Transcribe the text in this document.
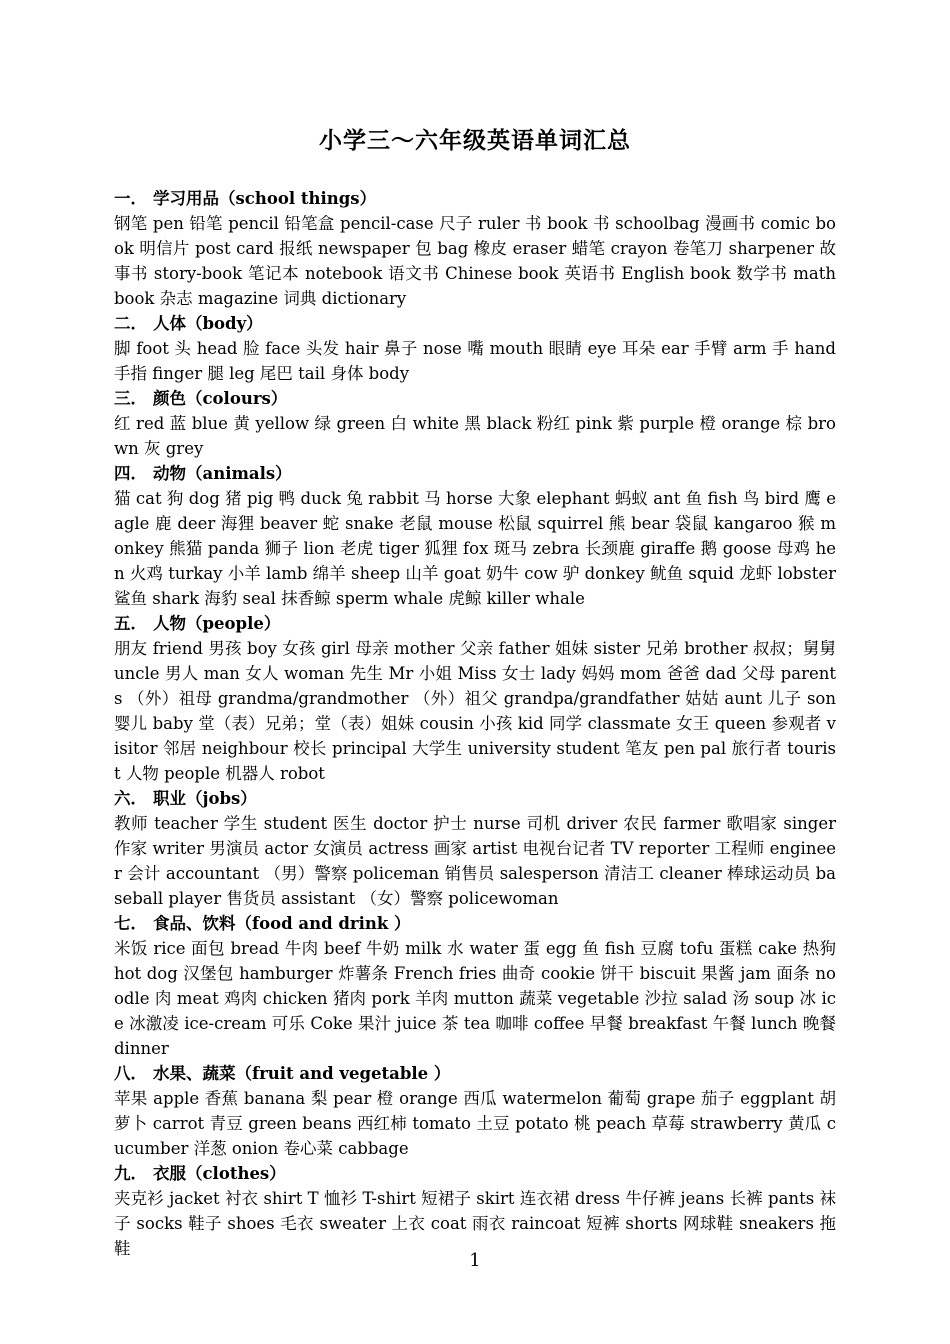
小学三～六年级英语单词汇总

一． 学习用品（school things）

钢笔 pen 铅笔 pencil 铅笔盒 pencil-case 尺子 ruler 书 book 书 schoolbag 漫画书 comic book 明信片 post card 报纸 newspaper 包 bag 橡皮 eraser 蜡笔 crayon 卷笔刀 sharpener 故事书 story-book 笔记本 notebook 语文书 Chinese book 英语书 English book 数学书 math book 杂志 magazine 词典 dictionary

二． 人体（body）

脚 foot 头 head 脸 face 头发 hair 鼻子 nose 嘴 mouth 眼睛 eye 耳朵 ear 手臂 arm 手 hand 手指 finger 腿 leg 尾巴 tail 身体 body

三． 颜色（colours）

红 red 蓝 blue 黄 yellow 绿 green 白 white 黑 black 粉红 pink 紫 purple 橙 orange 棕 brown 灰 grey

四． 动物（animals）

猫 cat 狗 dog 猪 pig 鸭 duck 兔 rabbit 马 horse 大象 elephant 蚂蚁 ant 鱼 fish 鸟 bird 鹰 eagle 鹿 deer 海狸 beaver 蛇 snake 老鼠 mouse 松鼠 squirrel 熊 bear 袋鼠 kangaroo 猴 monkey 熊猫 panda 狮子 lion 老虎 tiger 狐狸 fox 斑马 zebra 长颈鹿 giraffe 鹅 goose 母鸡 hen 火鸡 turkay 小羊 lamb 绵羊 sheep 山羊 goat 奶牛 cow 驴 donkey 鱿鱼 squid 龙虾 lobster 鲨鱼 shark 海豹 seal 抹香鲸 sperm whale 虎鲸 killer whale

五． 人物（people）

朋友 friend 男孩 boy 女孩 girl 母亲 mother 父亲 father 姐妹 sister 兄弟 brother 叔叔；舅舅 uncle 男人 man 女人 woman 先生 Mr 小姐 Miss 女士 lady 妈妈 mom 爸爸 dad 父母 parents （外）祖母 grandma/grandmother （外）祖父 grandpa/grandfather 姑姑 aunt 儿子 son 婴儿 baby 堂（表）兄弟；堂（表）姐妹 cousin 小孩 kid 同学 classmate 女王 queen 参观者 visitor 邻居 neighbour 校长 principal 大学生 university student 笔友 pen pal 旅行者 tourist 人物 people 机器人 robot

六． 职业（jobs）

教师 teacher 学生 student 医生 doctor 护士 nurse 司机 driver 农民 farmer 歌唱家 singer 作家 writer 男演员 actor 女演员 actress 画家 artist 电视台记者 TV reporter 工程师 engineer 会计 accountant （男）警察 policeman 销售员 salesperson 清洁工 cleaner 棒球运动员 baseball player 售货员 assistant （女）警察 policewoman

七． 食品、饮料（food and drink ）

米饭 rice 面包 bread 牛肉 beef 牛奶 milk 水 water 蛋 egg 鱼 fish 豆腐 tofu 蛋糕 cake 热狗 hot dog 汉堡包 hamburger 炸薯条 French fries 曲奇 cookie 饼干 biscuit 果酱 jam 面条 noodle 肉 meat 鸡肉 chicken 猪肉 pork 羊肉 mutton 蔬菜 vegetable 沙拉 salad 汤 soup 冰 ice 冰激凌 ice-cream 可乐 Coke 果汁 juice 茶 tea 咖啡 coffee 早餐 breakfast 午餐 lunch 晚餐 dinner

八． 水果、蔬菜（fruit and vegetable ）

苹果 apple 香蕉 banana 梨 pear 橙 orange 西瓜 watermelon 葡萄 grape 茄子 eggplant 胡萝卜 carrot 青豆 green beans 西红柿 tomato 土豆 potato 桃 peach 草莓 strawberry 黄瓜 cucumber 洋葱 onion 卷心菜 cabbage

九． 衣服（clothes）

夹克衫 jacket 衬衣 shirt T 恤衫 T-shirt 短裙子 skirt 连衣裙 dress 牛仔裤 jeans 长裤 pants 袜子 socks 鞋子 shoes 毛衣 sweater 上衣 coat 雨衣 raincoat 短裤 shorts 网球鞋 sneakers 拖鞋

1
